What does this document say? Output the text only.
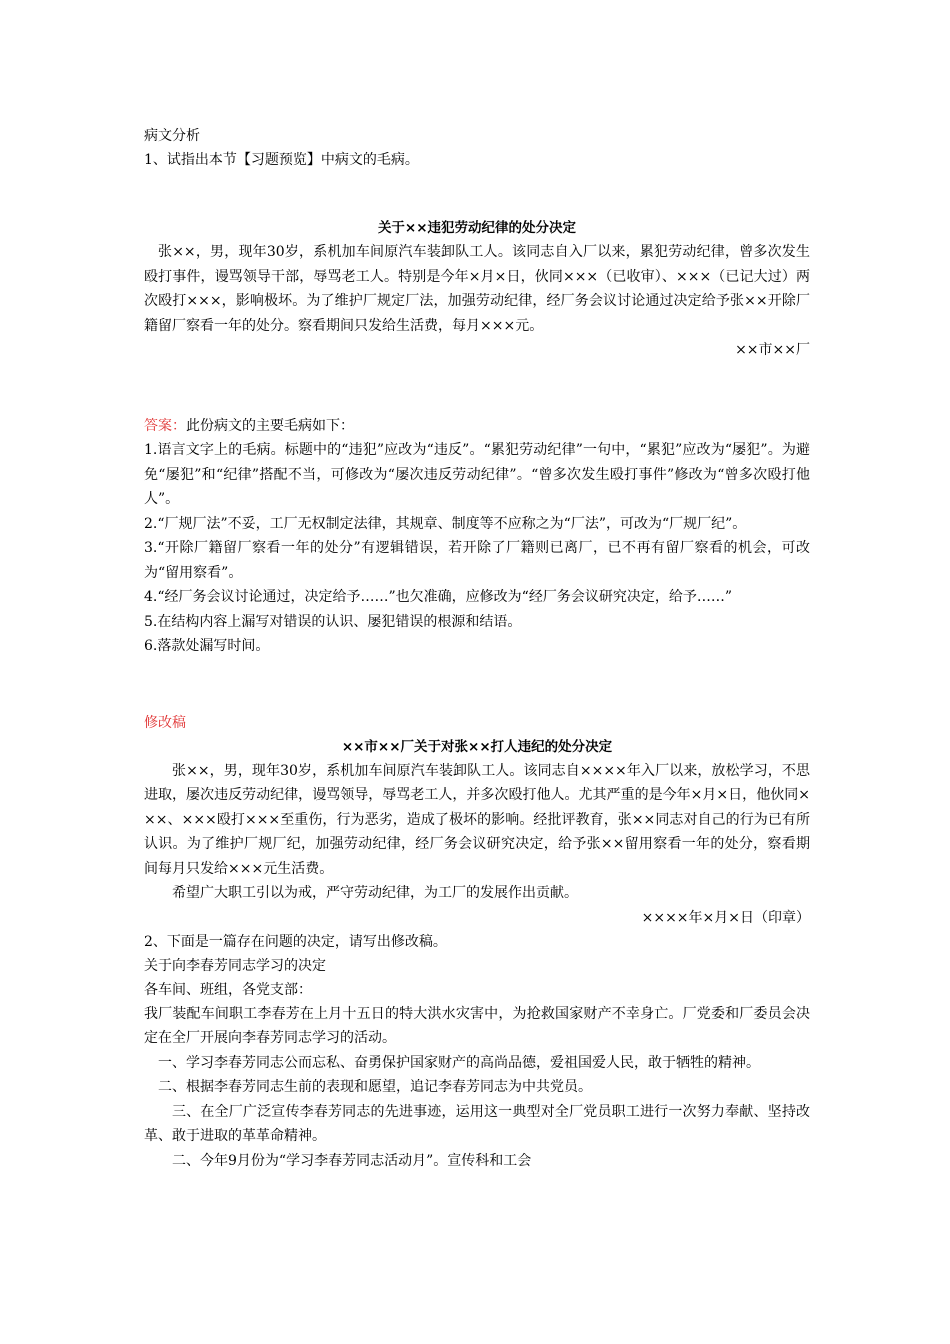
病文分析
1、试指出本节【习题预览】中病文的毛病。
关于××违犯劳动纪律的处分决定
张××，男，现年30岁，系机加车间原汽车装卸队工人。该同志自入厂以来，累犯劳动纪律，曾多次发生殴打事件，谩骂领导干部，辱骂老工人。特别是今年×月×日，伙同×××（已收审）、×××（已记大过）两次殴打×××，影响极坏。为了维护厂规定厂法，加强劳动纪律，经厂务会议讨论通过决定给予张××开除厂籍留厂察看一年的处分。察看期间只发给生活费，每月×××元。
××市××厂
答案：此份病文的主要毛病如下：
1.语言文字上的毛病。标题中的“违犯”应改为“违反”。“累犯劳动纪律”一句中，“累犯”应改为“屡犯”。为避免“屡犯”和“纪律”搭配不当，可修改为“屡次违反劳动纪律”。“曾多次发生殴打事件”修改为“曾多次殴打他人”。
2.“厂规厂法”不妥，工厂无权制定法律，其规章、制度等不应称之为“厂法”，可改为“厂规厂纪”。
3.“开除厂籍留厂察看一年的处分”有逻辑错误，若开除了厂籍则已离厂，已不再有留厂察看的机会，可改为“留用察看”。
4.“经厂务会议讨论通过，决定给予……”也欠准确，应修改为“经厂务会议研究决定，给予……”
5.在结构内容上漏写对错误的认识、屡犯错误的根源和结语。
6.落款处漏写时间。
修改稿
××市××厂关于对张××打人违纪的处分决定
张××，男，现年30岁，系机加车间原汽车装卸队工人。该同志自××××年入厂以来，放松学习，不思进取，屡次违反劳动纪律，谩骂领导，辱骂老工人，并多次殴打他人。尤其严重的是今年×月×日，他伙同×××、×××殴打×××至重伤，行为恶劣，造成了极坏的影响。经批评教育，张××同志对自己的行为已有所认识。为了维护厂规厂纪，加强劳动纪律，经厂务会议研究决定，给予张××留用察看一年的处分，察看期间每月只发给×××元生活费。
希望广大职工引以为戒，严守劳动纪律，为工厂的发展作出贡献。
××××年×月×日（印章）
2、下面是一篇存在问题的决定，请写出修改稿。
关于向李春芳同志学习的决定
各车间、班组，各党支部：
我厂装配车间职工李春芳在上月十五日的特大洪水灾害中，为抢救国家财产不幸身亡。厂党委和厂委员会决定在全厂开展向李春芳同志学习的活动。
一、学习李春芳同志公而忘私、奋勇保护国家财产的高尚品德，爱祖国爱人民，敢于牺牲的精神。
二、根据李春芳同志生前的表现和愿望，追记李春芳同志为中共党员。
三、在全厂广泛宣传李春芳同志的先进事迹，运用这一典型对全厂党员职工进行一次努力奉献、坚持改革、敢于进取的革革命精神。
二、今年9月份为“学习李春芳同志活动月”。宣传科和工会
